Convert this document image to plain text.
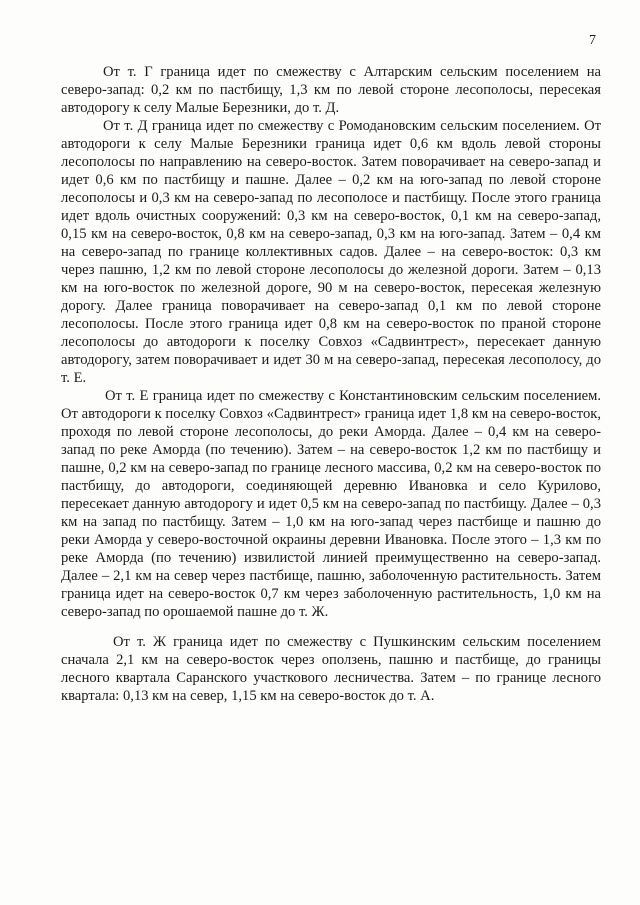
7

От т. Г граница идет по смежеству с Алтарским сельским поселением на северо-запад: 0,2 км по пастбищу, 1,3 км по левой стороне лесополосы, пересекая автодорогу к селу Малые Березники, до т. Д.

От т. Д граница идет по смежеству с Ромодановским сельским поселением. От автодороги к селу Малые Березники граница идет 0,6 км вдоль левой стороны лесополосы по направлению на северо-восток. Затем поворачивает на северо-запад и идет 0,6 км по пастбищу и пашне. Далее – 0,2 км на юго-запад по левой стороне лесополосы и 0,3 км на северо-запад по лесополосе и пастбищу. После этого граница идет вдоль очистных сооружений: 0,3 км на северо-восток, 0,1 км на северо-запад, 0,15 км на северо-восток, 0,8 км на северо-запад, 0,3 км на юго-запад. Затем – 0,4 км на северо-запад по границе коллективных садов. Далее – на северо-восток: 0,3 км через пашню, 1,2 км по левой стороне лесополосы до железной дороги. Затем – 0,13 км на юго-восток по железной дороге, 90 м на северо-восток, пересекая железную дорогу. Далее граница поворачивает на северо-запад 0,1 км по левой стороне лесополосы. После этого граница идет 0,8 км на северо-восток по праной стороне лесополосы до автодороги к поселку Совхоз «Садвинтрест», пересекает данную автодорогу, затем поворачивает и идет 30 м на северо-запад, пересекая лесополосу, до т. Е.

От т. Е граница идет по смежеству с Константиновским сельским поселением. От автодороги к поселку Совхоз «Садвинтрест» граница идет 1,8 км на северо-восток, проходя по левой стороне лесополосы, до реки Аморда. Далее – 0,4 км на северо-запад по реке Аморда (по течению). Затем – на северо-восток 1,2 км по пастбищу и пашне, 0,2 км на северо-запад по границе лесного массива, 0,2 км на северо-восток по пастбищу, до автодороги, соединяющей деревню Ивановка и село Курилово, пересекает данную автодорогу и идет 0,5 км на северо-запад по пастбищу. Далее – 0,3 км на запад по пастбищу. Затем – 1,0 км на юго-запад через пастбище и пашню до реки Аморда у северо-восточной окраины деревни Ивановка. После этого – 1,3 км по реке Аморда (по течению) извилистой линией преимущественно на северо-запад. Далее – 2,1 км на север через пастбище, пашню, заболоченную растительность. Затем граница идет на северо-восток 0,7 км через заболоченную растительность, 1,0 км на северо-запад по орошаемой пашне до т. Ж.

От т. Ж граница идет по смежеству с Пушкинским сельским поселением сначала 2,1 км на северо-восток через оползень, пашню и пастбище, до границы лесного квартала Саранского участкового лесничества. Затем – по границе лесного квартала: 0,13 км на север, 1,15 км на северо-восток до т. А.
